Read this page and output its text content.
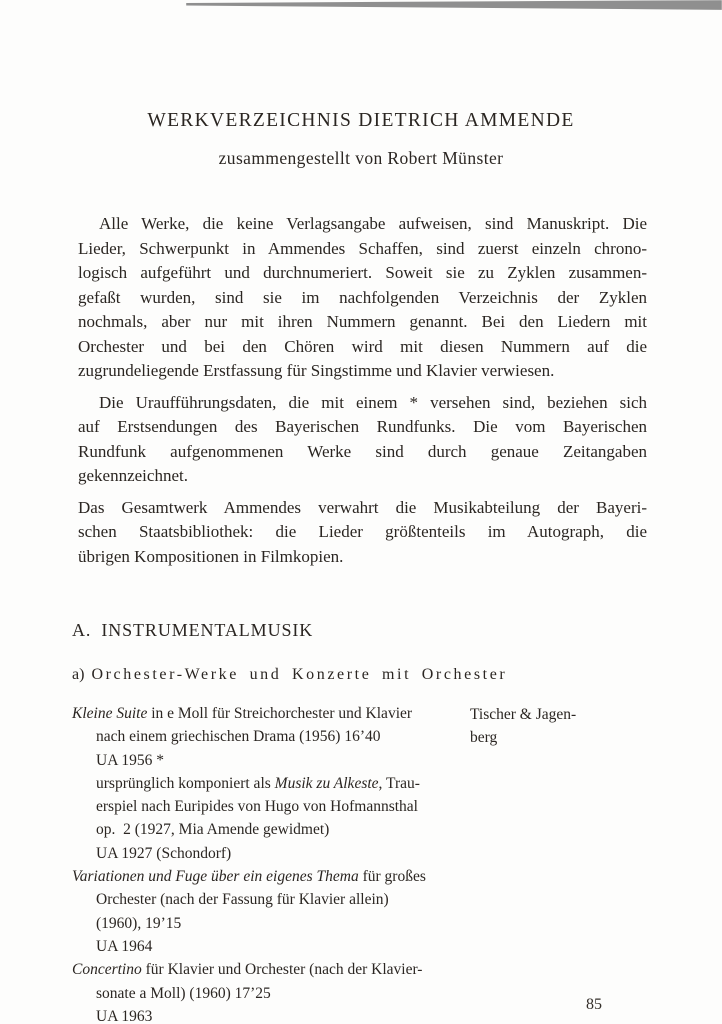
WERKVERZEICHNIS DIETRICH AMMENDE
zusammengestellt von Robert Münster
Alle Werke, die keine Verlagsangabe aufweisen, sind Manuskript. Die
Lieder, Schwerpunkt in Ammendes Schaffen, sind zuerst einzeln chrono-
logisch aufgeführt und durchnumeriert. Soweit sie zu Zyklen zusammen-
gefaßt wurden, sind sie im nachfolgenden Verzeichnis der Zyklen
nochmals, aber nur mit ihren Nummern genannt. Bei den Liedern mit
Orchester und bei den Chören wird mit diesen Nummern auf die
zugrundeliegende Erstfassung für Singstimme und Klavier verwiesen.
Die Uraufführungsdaten, die mit einem * versehen sind, beziehen sich
auf Erstsendungen des Bayerischen Rundfunks. Die vom Bayerischen
Rundfunk aufgenommenen Werke sind durch genaue Zeitangaben
gekennzeichnet.
Das Gesamtwerk Ammendes verwahrt die Musikabteilung der Bayeri-
schen Staatsbibliothek: die Lieder größtenteils im Autograph, die
übrigen Kompositionen in Filmkopien.
A. INSTRUMENTALMUSIK
a) Orchester-Werke und Konzerte mit Orchester
Kleine Suite in e Moll für Streichorchester und Klavier
nach einem griechischen Drama (1956) 16’40
UA 1956 *
ursprünglich komponiert als Musik zu Alkeste, Trau-
erspiel nach Euripides von Hugo von Hofmannsthal
op.  2 (1927, Mia Amende gewidmet)
UA 1927 (Schondorf)
Tischer & Jagen-
berg
Variationen und Fuge über ein eigenes Thema für großes
Orchester (nach der Fassung für Klavier allein)
(1960), 19’15
UA 1964
Concertino für Klavier und Orchester (nach der Klavier-
sonate a Moll) (1960) 17’25
UA 1963
85
